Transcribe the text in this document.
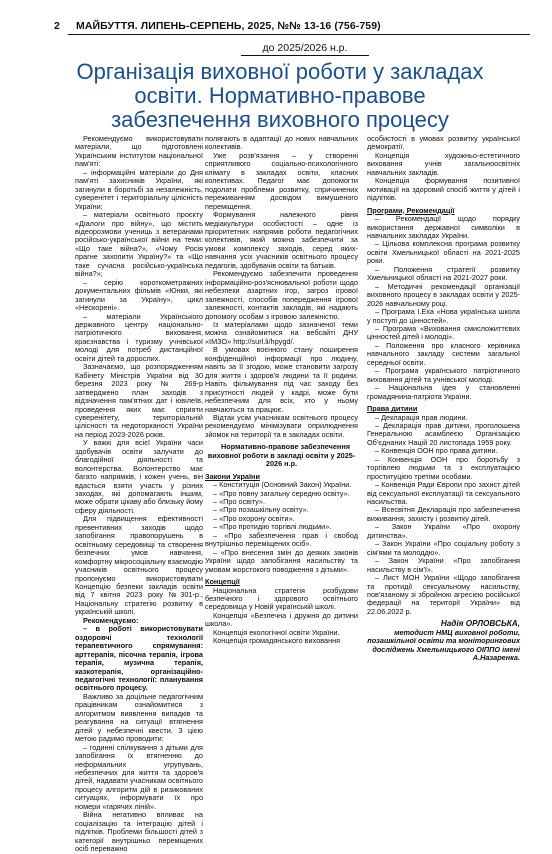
2 МАЙБУТТЯ. ЛИПЕНЬ-СЕРПЕНЬ, 2025, №№ 13-16 (756-759)
до 2025/2026 н.р.
Організація виховної роботи у закладах освіти. Нормативно-правове забезпечення виховного процесу

Рекомендуємо використовувати матеріали, що підготовлені Українським інститутом національної пам'яті:

– інформаційні матеріали до Дня пам'яті захисників України, які загинули в боротьбі за незалежність, суверенітет і територіальну цілісність України;

– матеріали освітнього проєкту «Діалоги про війну», що містить відеорозмови учениць з ветеранами російсько-української війни на теми: «Що таке війна?», «Чому Росія прагне захопити Україну?» та «Що таке сучасна російсько-українська війна?»;

– серію короткометражних документальних фільмів «Юнки, які загинули за Україну», цикл «Нескорені».

– матеріали Українського державного центру національно-патріотичного виховання, краєзнавства і туризму учнівської молоді для потреб дистанційної освіти дітей та дорослих.

Зазначаємо, що розпорядженням Кабінету Міністрів України від 30 березня 2023 року № 269-р затверджено план заходів з відзначення пам'ятних дат і ювілеїв, проведення яких має сприяти суверенітету, територіальній цілісності та недоторканості України на період 2023-2026 років.

У важкі для всієї України часи здобувачів освіти залучати до благодійної діяльності та волонтерства. Волонтерство має багато напрямків, і кожен учень, він вдасться взяти участь у різних заходах, які допомагають іншим, може обрати цікаву або близьку йому сферу діяльності.

Для підвищення ефективності превентивних заходів щодо запобігання правопорушень в освітньому середовищі та створення безпечних умов навчання, комфортну мікросоціальну взаємодію учасників освітнього процесу пропонуємо використовувати Концепцію безпеки закладів освіти від 7 квітня 2023 року №301-р., Національну стратегію розвитку в українській школі.

Рекомендуємо:

– в роботі використовувати оздоровчі технології терапевтичного спрямування: арттерапія, пісочна терапія, ігрова терапія, музична терапія, казкотерапія, організаційно-педагогічні технології: планування освітнього процесу.

Важливо за доцільне педагогічним працівникам ознайомитися з алгоритмом виявлення випадків та реагування на ситуації втягнення дітей у небезпечні квести. З цією метою радимо проводити:

– годинні спілкування з дітьми для запобігання їх втягненню до неформальних угрупувань, небезпечних для життя та здоров'я дітей, надавати учасникам освітнього процесу алгоритм дій в ризикованих ситуаціях, інформувати їх про номери «гарячих ліній».

Війна негативно впливає на соціалізацію та інтеграцію дітей і підлітків. Проблеми більшості дітей з категорії внутрішньо переміщених осіб переважно

полягають в адаптації до нових навчальних колективів.

Уже розв'язання – у створенні сприятливого соціально-психологічного клімату в закладах освіти, класних колективах. Педагог має допомогти подолати проблеми розвитку, спричинених переживанням досвідом вимушеного переміщення.

Формування належного рівня медіакультури особистості – одне із пріоритетних напрямів роботи педагогічних колективів, який можна забезпечити за умови комплексу заходів, серед яких-навчання усіх учасників освітнього процесу педагогів, здобувачів освіти та батьків.

Рекомендуємо забезпечити проведення інформаційно-роз'яснювальної роботи щодо небезпеки азартних ігор, загроз ігрової залежності, способів попередження ігрової залежності, контактів закладів, які надають допомогу особам з ігровою залежністю.

Із матеріалами щодо зазначеної теми можна ознайомитися на вебсайті ДНУ «ІМЗО» http://surl.li/hpygd/.

В умовах воєнного стану поширення конфіденційної інформації про людину, навіть за її згодою, може становити загрозу для життя і здоров'я людини та її родини. Навіть фільмування під час заходу без присутності людей у кадрі, може бути небезпечним для всіх, хто у ньому навчаються та працює.

Відтак усім учасникам освітнього процесу рекомендуємо мінімізувати оприлюднення зйомок на території та в закладах освіти.

Нормативно-правове забезпечення виховної роботи в закладі освіти у 2025-2026 н.р.

Закони України

– Конституція (Основний Закон) України.

– «Про повну загальну середню освіту».

– «Про освіту».

– «Про позашкільну освіту».

– «Про охорону освіти».

– «Про протидію торгівлі людьми».

– «Про забезпечення прав і свобод внутрішньо переміщених осіб».

– «Про внесення змін до деяких законів України щодо запобігання насильству та умовам жорстокого поводження з дітьми».

Концепції

Національна стратегія розбудови безпечного і здорового освітнього середовища у Новій українській школі.

Концепція «Безпечна і дружня до дитини школа».

Концепція екологічної освіти України.

Концепція громадянського виховання

особистості в умовах розвитку української демократії.

Концепція художньо-естетичного виховання учнів загальноосвітніх навчальних закладів.

Концепція формування позитивної мотивації на здоровий спосіб життя у дітей і підлітків.

Програми, Рекомендації

– Рекомендації щодо порядку використання державної символіки в навчальних закладах України.

– Цільова комплексна програма розвитку освіти Хмельницької області на 2021-2025 роки.

– Положення стратегії розвитку Хмельницької області на 2021-2027 роки.

– Методичні рекомендації організації виховного процесу в закладах освіти у 2025-2026 навчальному році.

– Програма І.Еха «Нова українська школа у поступі до цінностей».

– Програма «Виховання смисложиттєвих цінностей дітей і молоді».

– Положення про класного керівника навчального закладу системи загальної середньої освіти.

– Програма українського патріотичного виховання дітей та учнівської молоді.

– Національна ідея у становленні громадянина-патріота України.

Права дитини

– Декларація прав людини.

– Декларація прав дитини, проголошена Генеральною асамблеєю Організацією Об'єднаних Націй 20 листопада 1959 року.

– Конвенція ООН про права дитини.

– Конвенція ООН про боротьбу з торгівлею людьми та з експлуатацією проституцією третіми особами.

– Конвенція Ради Європи про захист дітей від сексуальної експлуатації та сексуального насильства.

– Всесвітня Декларація про забезпечення виживання, захисту і розвитку дітей.

– Закон України «Про охорону дитинства».

– Закон України «Про соціальну роботу з сім'ями та молоддю».

– Закон України «Про запобігання насильству в сім'ї».

– Лист МОН України «Щодо запобігання та протидії сексуальному насильству, пов'язаному зі збройною агресією російської федерації на території України» від 22.06.2022 р.

Надія ОРЛОВСЬКА,
методист НМЦ виховної роботи, позашкільної освіти та моніторингових досліджень Хмельницького ОІППО імені А.Назаренка.
